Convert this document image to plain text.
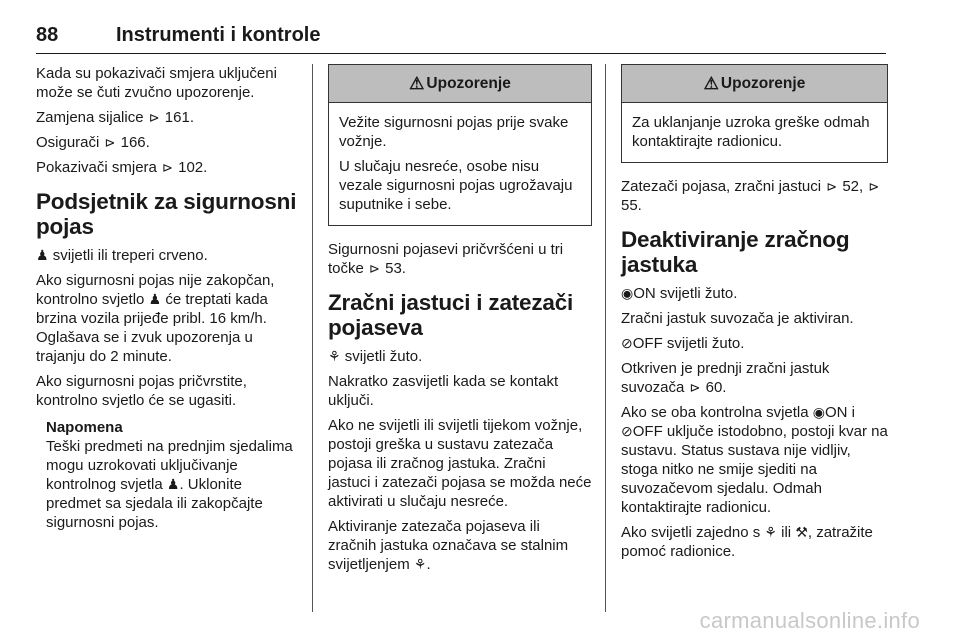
88	Instrumenti i kontrole

Kada su pokazivači smjera uključeni može se čuti zvučno upozorenje.

Zamjena sijalice ⊳ 161.

Osigurači ⊳ 166.

Pokazivači smjera ⊳ 102.

Podsjetnik za sigurnosni pojas

♟ svijetli ili treperi crveno.

Ako sigurnosni pojas nije zakopčan, kontrolno svjetlo ♟ će treptati kada brzina vozila prijeđe pribl. 16 km/h. Oglašava se i zvuk upozorenja u trajanju do 2 minute.

Ako sigurnosni pojas pričvrstite, kontrolno svjetlo će se ugasiti.

Napomena
Teški predmeti na prednjim sjedalima mogu uzrokovati uključivanje kontrolnog svjetla ♟. Uklonite predmet sa sjedala ili zakopčajte sigurnosni pojas.
⚠ Upozorenje

Vežite sigurnosni pojas prije svake vožnje.

U slučaju nesreće, osobe nisu vezale sigurnosni pojas ugrožavaju suputnike i sebe.

Sigurnosni pojasevi pričvršćeni u tri točke ⊳ 53.

Zračni jastuci i zatezači pojaseva

⚘ svijetli žuto.

Nakratko zasvijetli kada se kontakt uključi.

Ako ne svijetli ili svijetli tijekom vožnje, postoji greška u sustavu zatezača pojasa ili zračnog jastuka. Zračni jastuci i zatezači pojasa se možda neće aktivirati u slučaju nesreće.

Aktiviranje zatezača pojaseva ili zračnih jastuka označava se stalnim svijetljenjem ⚘.

⚠ Upozorenje

Za uklanjanje uzroka greške odmah kontaktirajte radionicu.

Zatezači pojasa, zračni jastuci ⊳ 52, ⊳ 55.

Deaktiviranje zračnog jastuka

◉ON svijetli žuto.

Zračni jastuk suvozača je aktiviran.

⊘OFF svijetli žuto.

Otkriven je prednji zračni jastuk suvozača ⊳ 60.

Ako se oba kontrolna svjetla ◉ON i ⊘OFF uključe istodobno, postoji kvar na sustavu. Status sustava nije vidljiv, stoga nitko ne smije sjediti na suvozačevom sjedalu. Odmah kontaktirajte radionicu.

Ako svijetli zajedno s ⚘ ili ⚒, zatražite pomoć radionice.

carmanualsonline.info
